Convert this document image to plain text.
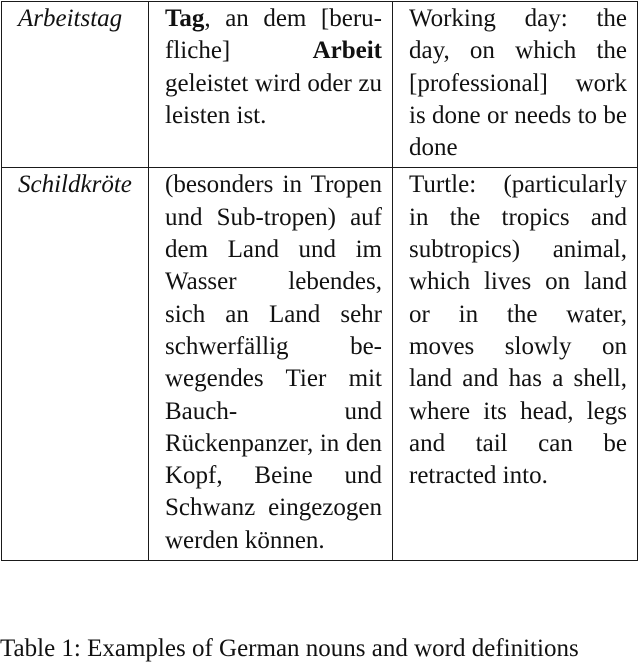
Arbeitstag	Tag, an dem [beru-fliche] Arbeit geleistet wird oder zu leisten ist.	Working day: the day, on which the [professional] work is done or needs to be done
Schildkröte	(besonders in Tropen und Sub-tropen) auf dem Land und im Wasser lebendes, sich an Land sehr schwerfällig be-wegendes Tier mit Bauch- und Rückenpanzer, in den Kopf, Beine und Schwanz eingezogen werden können.	Turtle: (particularly in the tropics and subtropics) animal, which lives on land or in the water, moves slowly on land and has a shell, where its head, legs and tail can be retracted into.
Table 1: Examples of German nouns and word definitions
